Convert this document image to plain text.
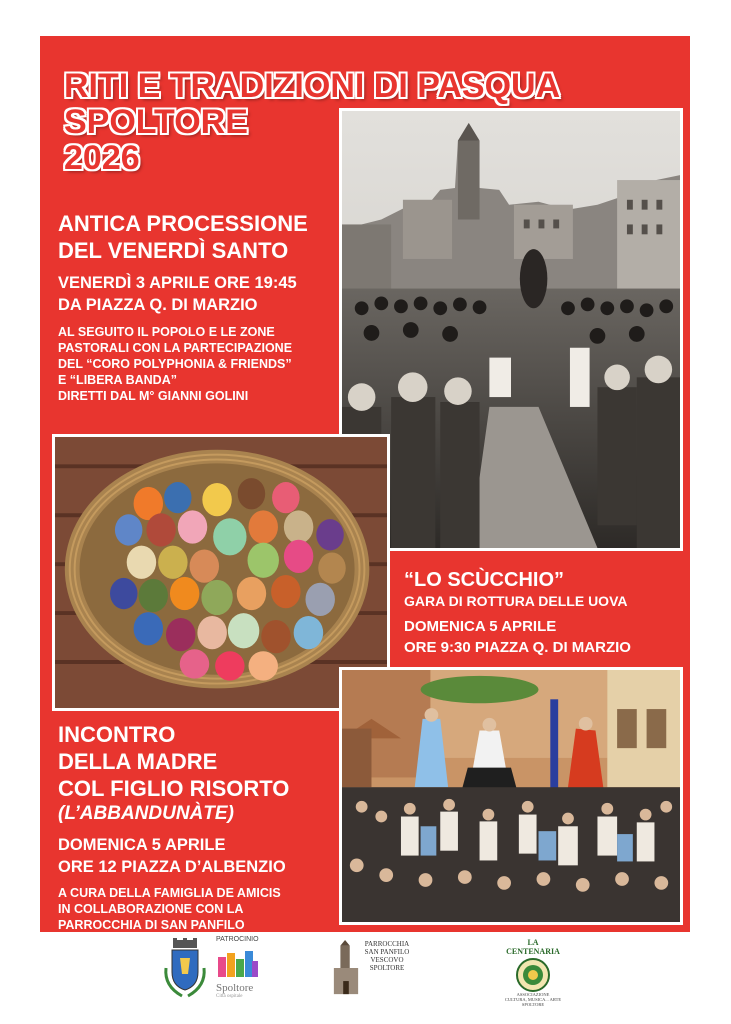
RITI E TRADIZIONI DI PASQUA
SPOLTORE
2026
ANTICA PROCESSIONE
DEL VENERDÌ SANTO
VENERDÌ 3 APRILE ORE 19:45
DA PIAZZA Q. DI MARZIO
AL SEGUITO IL POPOLO E LE ZONE
PASTORALI CON LA PARTECIPAZIONE
DEL “CORO POLYPHONIA & FRIENDS”
E “LIBERA BANDA”
DIRETTI DAL M° GIANNI GOLINI
“LO SCÙCCHIO”
GARA DI ROTTURA DELLE UOVA
DOMENICA 5 APRILE
ORE 9:30 PIAZZA Q. DI MARZIO
INCONTRO
DELLA MADRE
COL FIGLIO RISORTO
(L’ABBANDUNÀTE)
DOMENICA 5 APRILE
ORE 12 PIAZZA D’ALBENZIO
A CURA DELLA FAMIGLIA DE AMICIS
IN COLLABORAZIONE CON LA
PARROCCHIA DI SAN PANFILO
PATROCINIO
Spoltore
Città ospitale
PARROCCHIA
SAN PANFILO
VESCOVO
SPOLTORE
LA CENTENARIA
ASSOCIAZIONE
CULTURA, MUSICA... ARTE
SPOLTORE
